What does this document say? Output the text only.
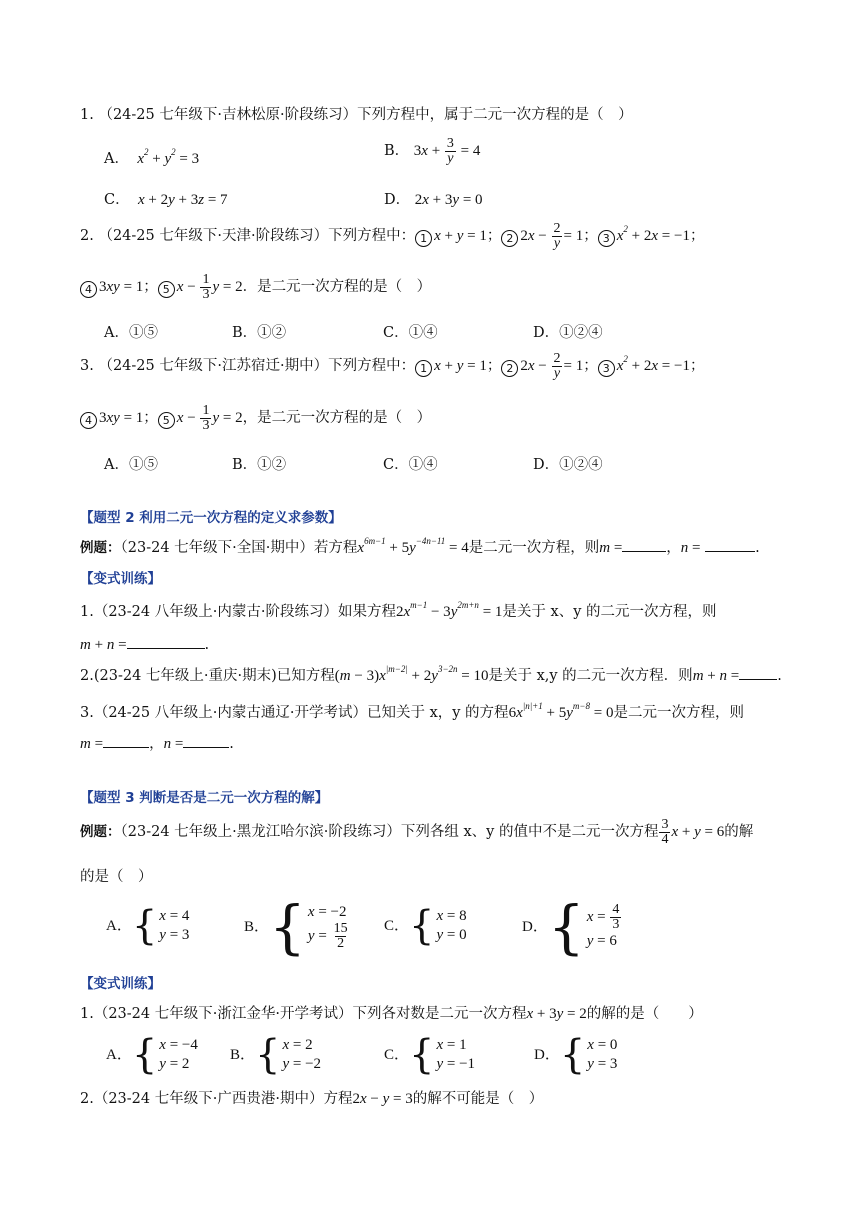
1. （24-25 七年级下·吉林松原·阶段练习）下列方程中，属于二元一次方程的是（　）
A．  $x^2 + y^2 = 3$
B． $3x + \frac{3}{y} = 4$
C．  x + 2y + 3z = 7	D． 2x + 3y = 0
2. （24-25 七年级下·天津·阶段练习）下列方程中： 1 x + y = 1； 2 $2x - \frac{2}{y} = 1$； 3 $x^2 + 2x = -1$；
4 3xy = 1； 5 $x - \frac{1}{3}$ y = 2．是二元一次方程的是（　）
A．①⑤	B．①②	C．①④	D．①②④
3. （24-25 七年级下·江苏宿迁·期中）下列方程中： 1 x + y = 1； 2 $2x - \frac{2}{y} = 1$； 3 $x^2 + 2x = -1$；
4 3xy = 1； 5 $x - \frac{1}{3}$ y = 2，是二元一次方程的是（　）
A．①⑤	B．①②	C．①④	D．①②④
【题型 2 利用二元一次方程的定义求参数】
例题：（23-24 七年级下·全国·期中）若方程$x^{6m-1} + 5y^{-4n-11} = 4$是二元一次方程，则m =	，n =	.
【变式训练】
1.（23-24 八年级上·内蒙古·阶段练习）如果方程$2x^{m-1} - 3y^{2m+n} = 1$是关于 x、y 的二元一次方程，则
m + n =	.
2.(23-24 七年级上·重庆·期末)已知方程$(m - 3)x^{|m-2|} + 2y^{3-2n} = 10$是关于 x,y 的二元一次方程．则m + n =	.
3.（24-25 八年级上·内蒙古通辽·开学考试）已知关于 x，y 的方程$6x^{|n|+1} + 5y^{m-8} = 0$是二元一次方程，则
m =	，n =	.
【题型 3 判断是否是二元一次方程的解】
例题：（23-24 七年级上·黑龙江哈尔滨·阶段练习）下列各组 x、y 的值中不是二元一次方程 $\frac{3}{4}$ x + y = 6的解
的是（　）
A． { x = 4
y = 3	B． { x = −2
$y = \frac{15}{2}$ C． { x = 8
y = 0	D． { $x = \frac{4}{3}$
y = 6
【变式训练】
1.（23-24 七年级下·浙江金华·开学考试）下列各对数是二元一次方程x + 3y = 2的解的是（　　）
A． { x = −4
y = 2
B． { x = 2
y = −2
C． { x = 1
y = −1
D． { x = 0
y = 3
2.（23-24 七年级下·广西贵港·期中）方程2x − y = 3的解不可能是（　）
